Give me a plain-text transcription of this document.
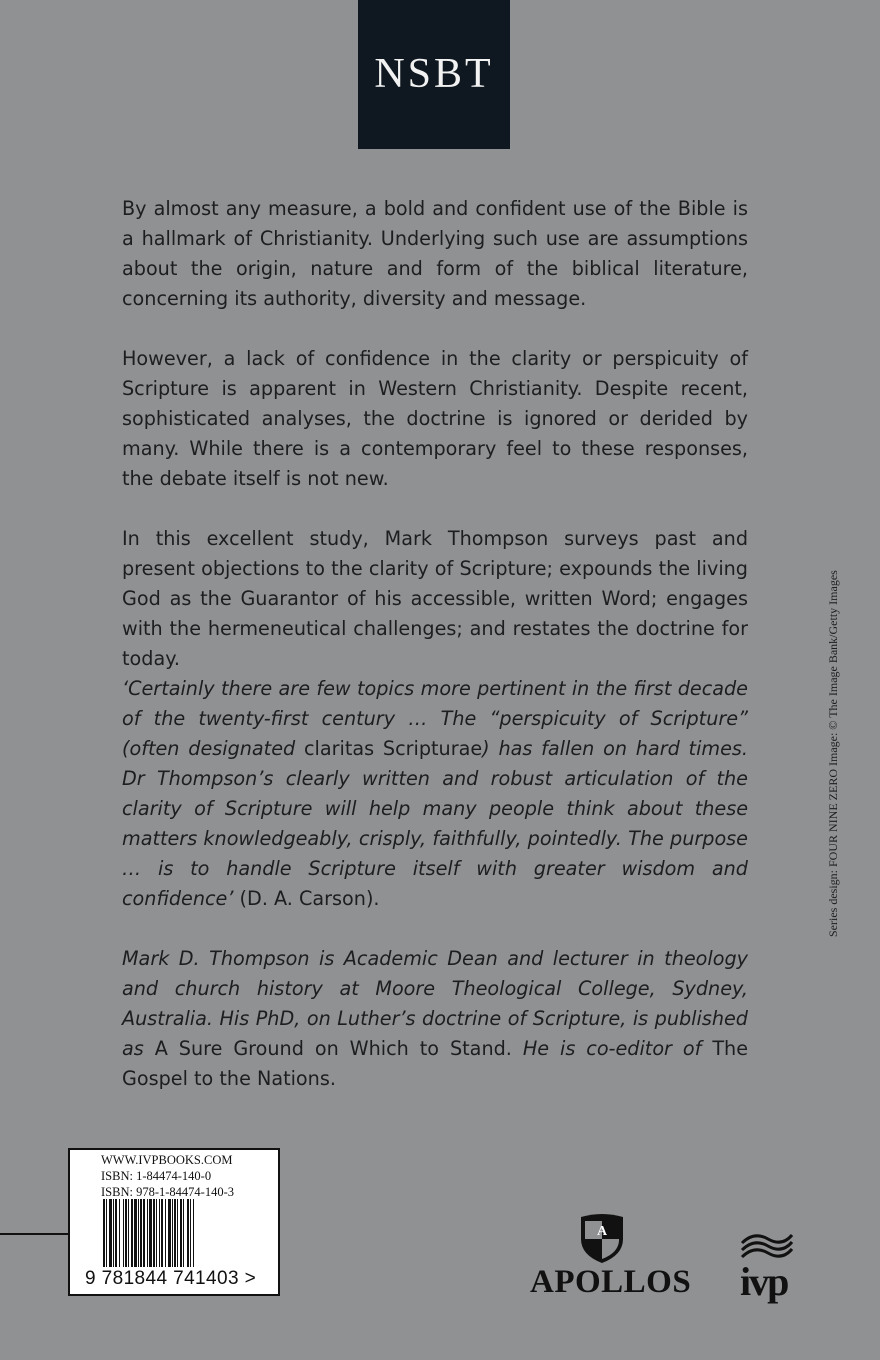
NSBT

By almost any measure, a bold and confident use of the Bible is a hallmark of Christianity. Underlying such use are assumptions about the origin, nature and form of the biblical literature, concerning its authority, diversity and message.

However, a lack of confidence in the clarity or perspicuity of Scripture is apparent in Western Christianity. Despite recent, sophisticated analyses, the doctrine is ignored or derided by many. While there is a contemporary feel to these responses, the debate itself is not new.

In this excellent study, Mark Thompson surveys past and present objections to the clarity of Scripture; expounds the living God as the Guarantor of his accessible, written Word; engages with the hermeneutical challenges; and restates the doctrine for today.

‘Certainly there are few topics more pertinent in the first decade of the twenty-first century … The “perspicuity of Scripture” (often designated claritas Scripturae) has fallen on hard times. Dr Thompson’s clearly written and robust articulation of the clarity of Scripture will help many people think about these matters knowledgeably, crisply, faithfully, pointedly. The purpose … is to handle Scripture itself with greater wisdom and confidence’ (D. A. Carson).

Mark D. Thompson is Academic Dean and lecturer in theology and church history at Moore Theological College, Sydney, Australia. His PhD, on Luther’s doctrine of Scripture, is published as A Sure Ground on Which to Stand. He is co-editor of The Gospel to the Nations.

Series design: FOUR NINE ZERO Image: © The Image Bank/Getty Images
WWW.IVPBOOKS.COM
ISBN: 1-84474-140-0
ISBN: 978-1-84474-140-3
9 781844 741403 >
A
APOLLOS ivp
